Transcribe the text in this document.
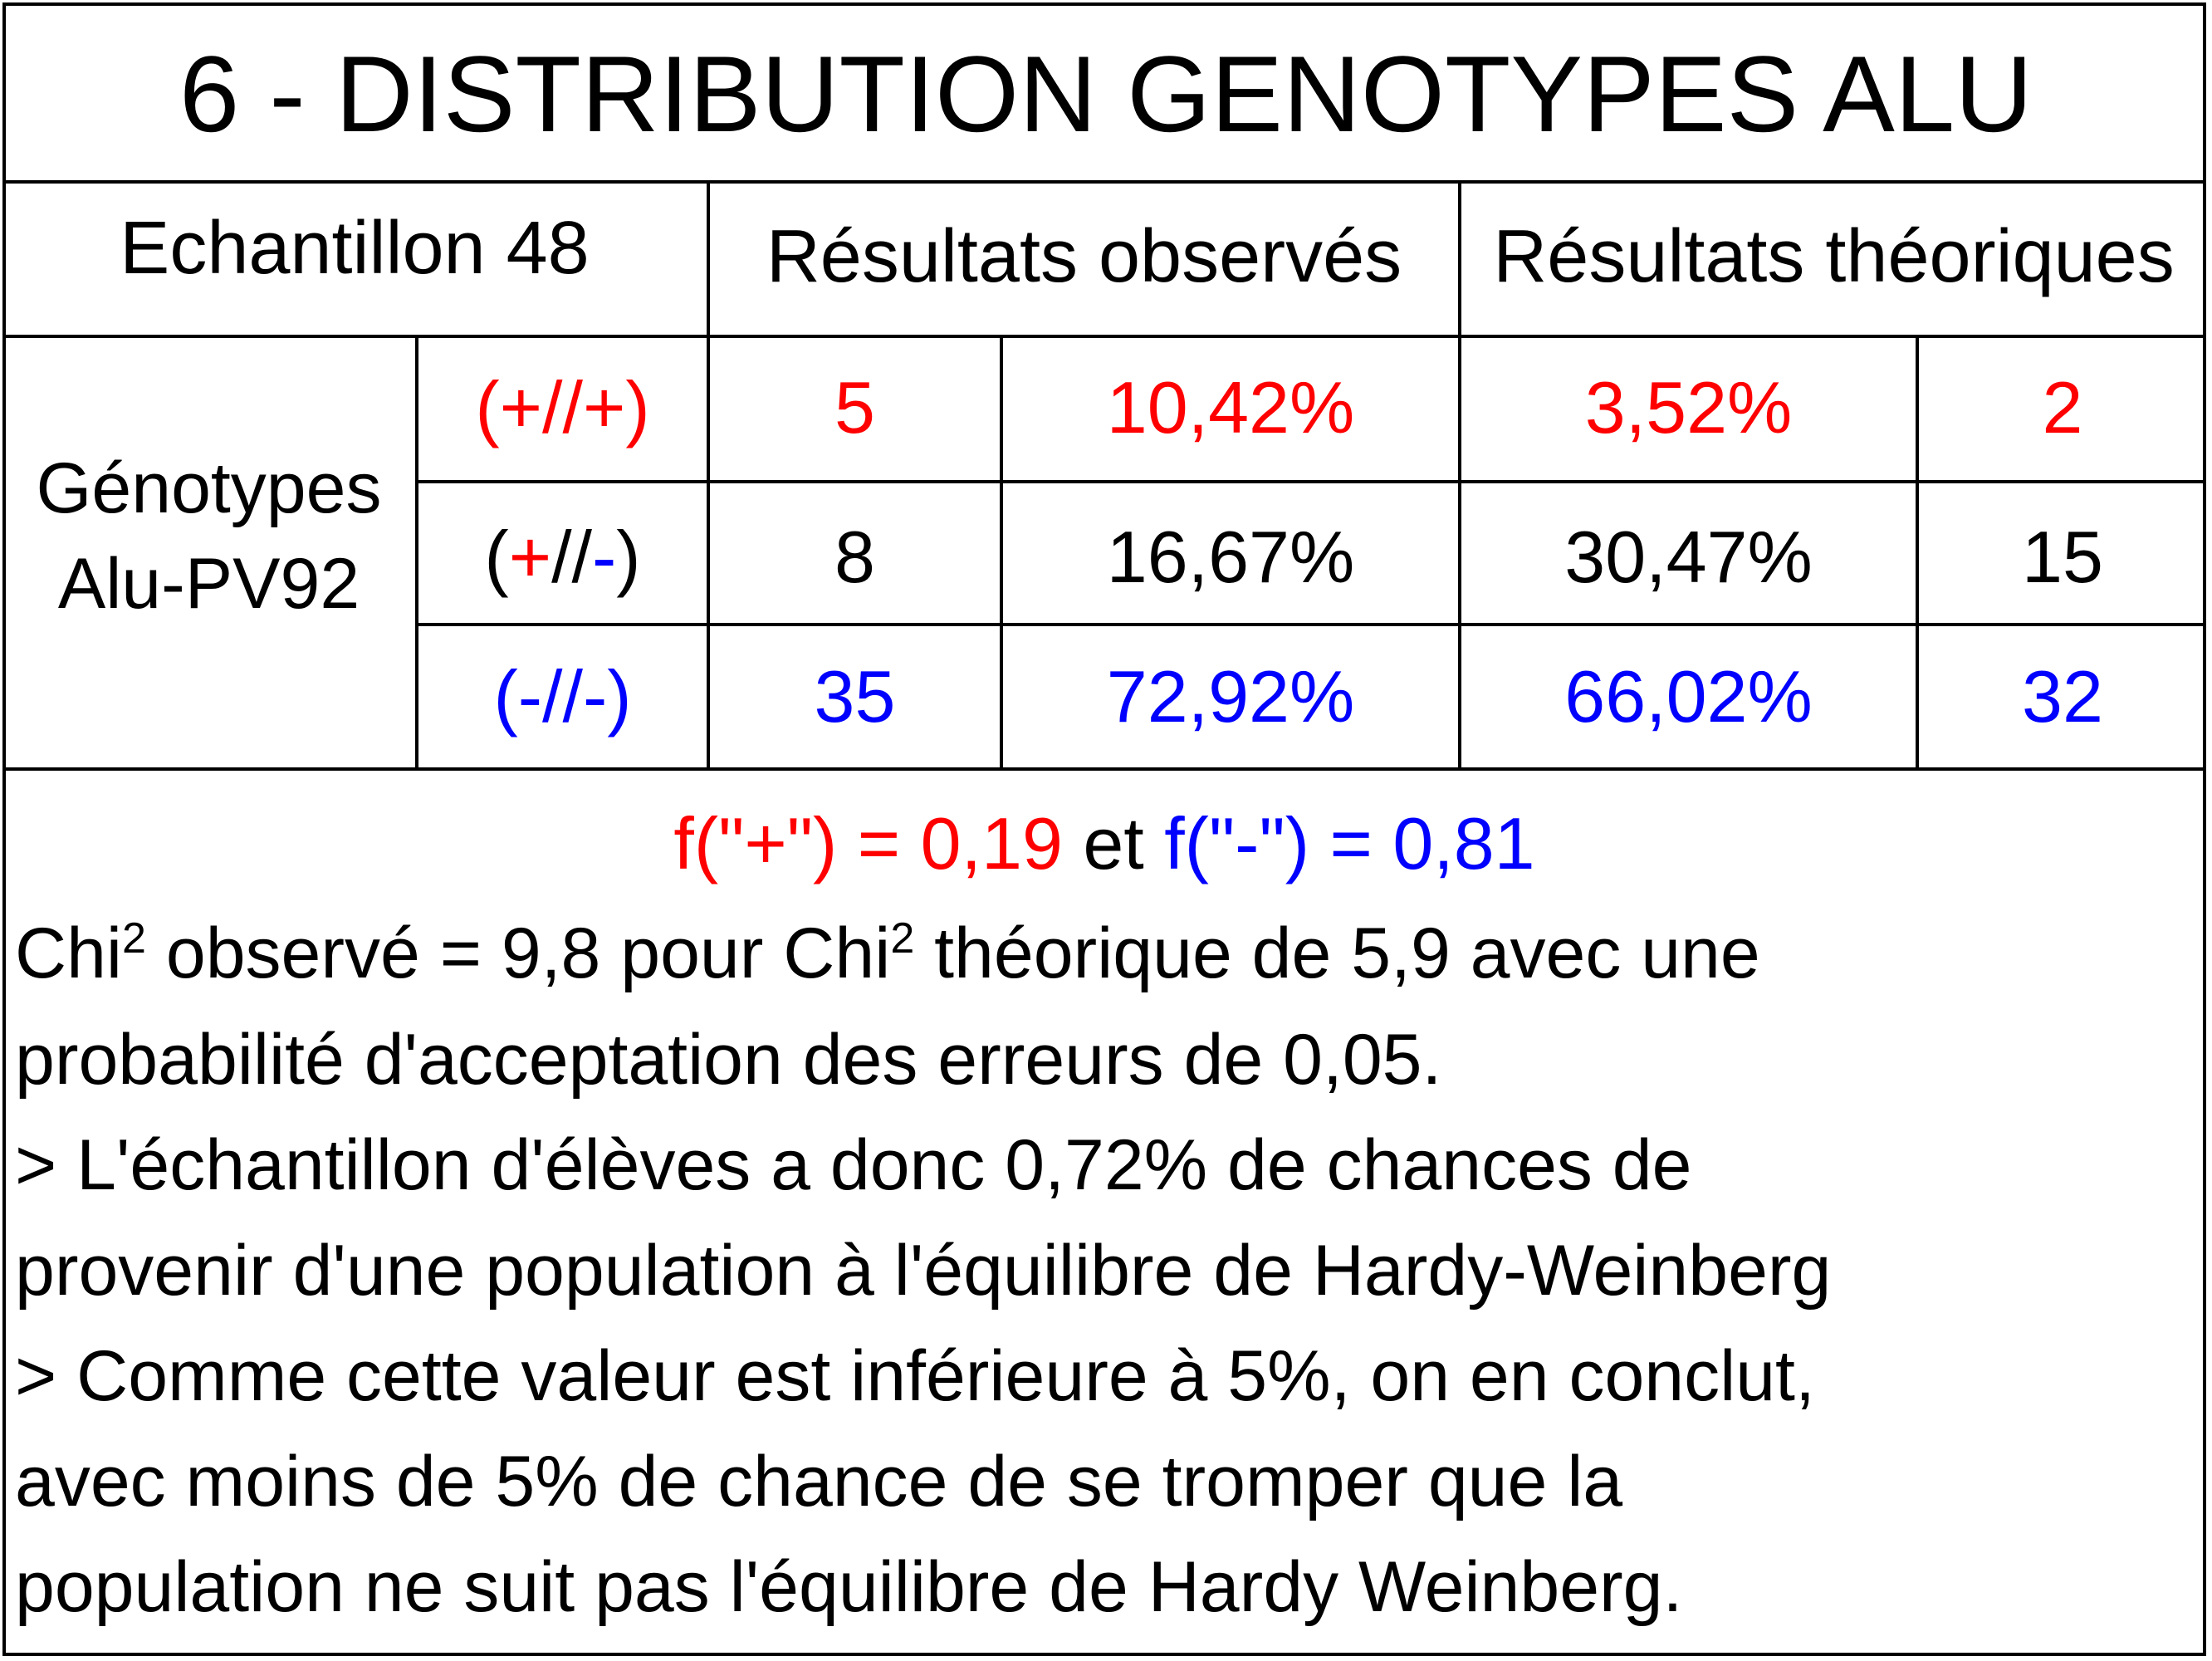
6 - DISTRIBUTION GENOTYPES ALU
Echantillon 48	Résultats observés	Résultats théoriques
Génotypes
Alu-PV92
(+//+)	5	10,42%	3,52%	2
(+//-)	8	16,67%	30,47%	15
(-//-)	35	72,92%	66,02%	32
f("+") = 0,19 et f("-") = 0,81
Chi$^2$ observé = 9,8 pour Chi$^2$ théorique de 5,9 avec une
probabilité d'acceptation des erreurs de 0,05.
> L'échantillon d'élèves a donc 0,72% de chances de
provenir d'une population à l'équilibre de Hardy-Weinberg
> Comme cette valeur est inférieure à 5%, on en conclut,
avec moins de 5% de chance de se tromper que la
population ne suit pas l'équilibre de Hardy Weinberg.
